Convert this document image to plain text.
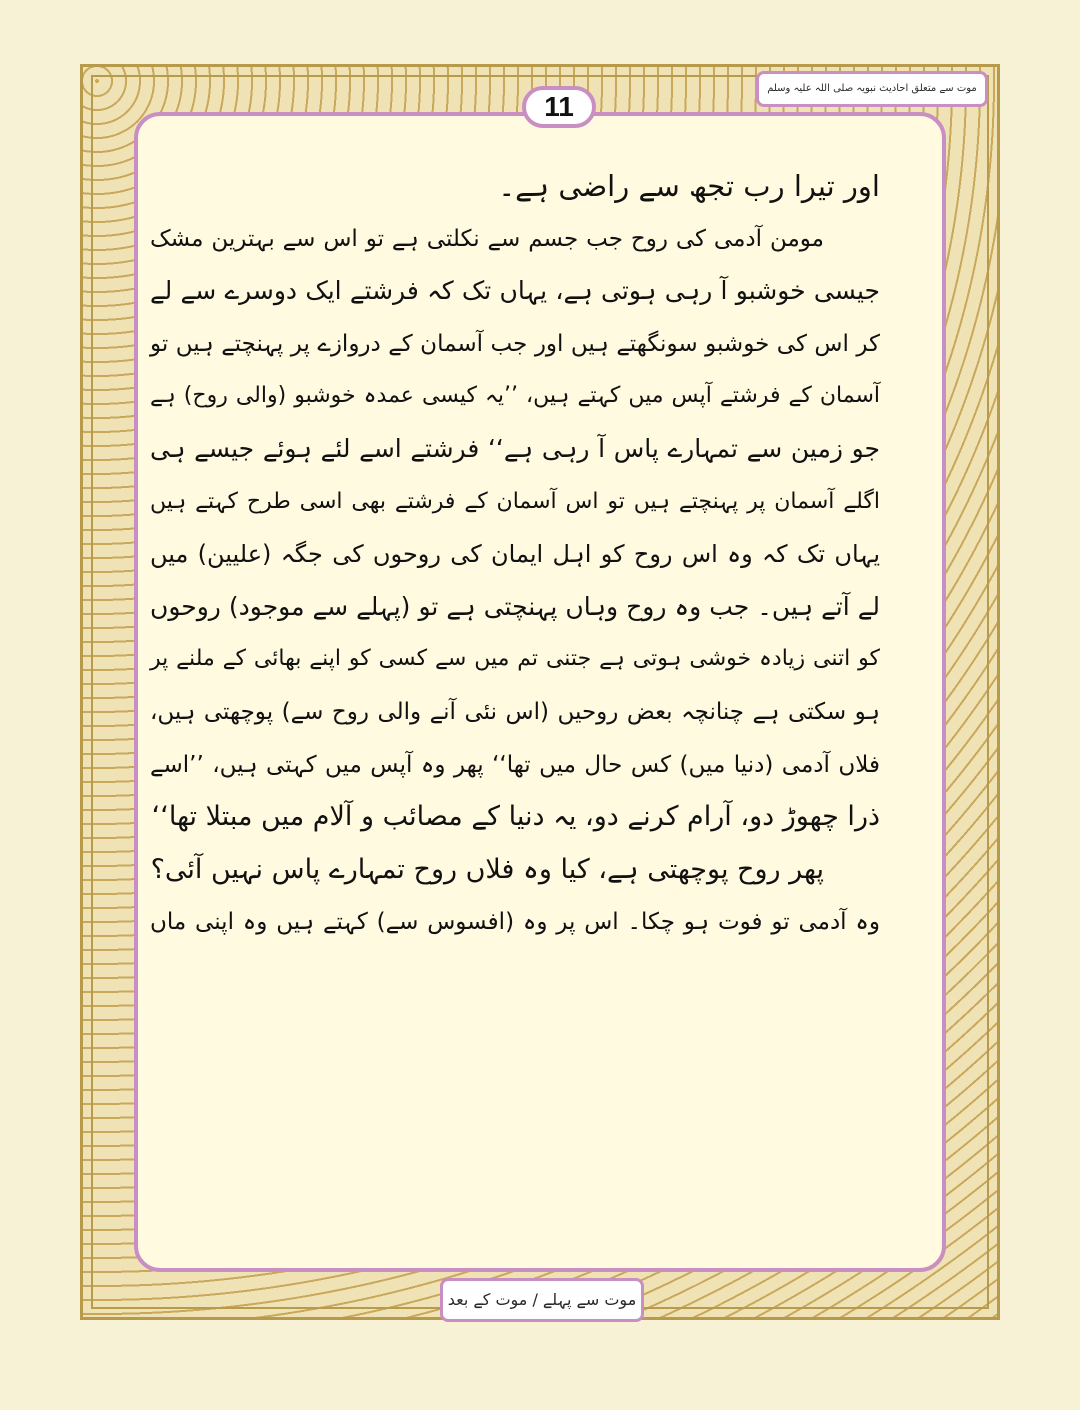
موت سے متعلق احادیث نبویہ صلی اللہ علیہ وسلم
11
اور تیرا رب تجھ سے راضی ہے۔
مومن آدمی کی روح جب جسم سے نکلتی ہے تو اس سے بہترین مشک
جیسی خوشبو آ رہی ہوتی ہے، یہاں تک کہ فرشتے ایک دوسرے سے لے
کر اس کی خوشبو سونگھتے ہیں اور جب آسمان کے دروازے پر پہنچتے ہیں تو
آسمان کے فرشتے آپس میں کہتے ہیں، ’’یہ کیسی عمدہ خوشبو (والی روح) ہے
جو زمین سے تمہارے پاس آ رہی ہے‘‘ فرشتے اسے لئے ہوئے جیسے ہی
اگلے آسمان پر پہنچتے ہیں تو اس آسمان کے فرشتے بھی اسی طرح کہتے ہیں
یہاں تک کہ وہ اس روح کو اہل ایمان کی روحوں کی جگہ (علیین) میں
لے آتے ہیں۔ جب وہ روح وہاں پہنچتی ہے تو (پہلے سے موجود) روحوں
کو اتنی زیادہ خوشی ہوتی ہے جتنی تم میں سے کسی کو اپنے بھائی کے ملنے پر
ہو سکتی ہے چنانچہ بعض روحیں (اس نئی آنے والی روح سے) پوچھتی ہیں،
فلاں آدمی (دنیا میں) کس حال میں تھا‘‘ پھر وہ آپس میں کہتی ہیں، ’’اسے
ذرا چھوڑ دو، آرام کرنے دو، یہ دنیا کے مصائب و آلام میں مبتلا تھا‘‘
پھر روح پوچھتی ہے، کیا وہ فلاں روح تمہارے پاس نہیں آئی؟
وہ آدمی تو فوت ہو چکا۔ اس پر وہ (افسوس سے) کہتے ہیں وہ اپنی ماں
موت سے پہلے / موت کے بعد
